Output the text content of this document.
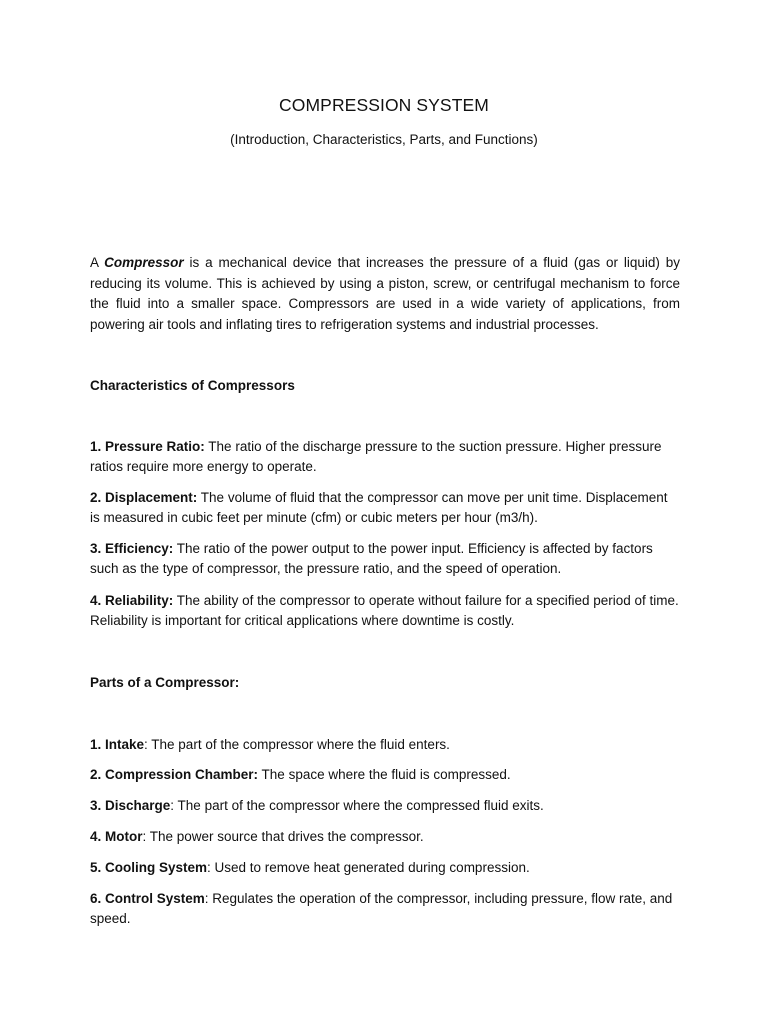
COMPRESSION SYSTEM
(Introduction, Characteristics, Parts, and Functions)
A Compressor is a mechanical device that increases the pressure of a fluid (gas or liquid) by reducing its volume. This is achieved by using a piston, screw, or centrifugal mechanism to force the fluid into a smaller space. Compressors are used in a wide variety of applications, from powering air tools and inflating tires to refrigeration systems and industrial processes.
Characteristics of Compressors
1. Pressure Ratio: The ratio of the discharge pressure to the suction pressure. Higher pressure ratios require more energy to operate.
2. Displacement: The volume of fluid that the compressor can move per unit time. Displacement is measured in cubic feet per minute (cfm) or cubic meters per hour (m3/h).
3. Efficiency: The ratio of the power output to the power input. Efficiency is affected by factors such as the type of compressor, the pressure ratio, and the speed of operation.
4. Reliability: The ability of the compressor to operate without failure for a specified period of time. Reliability is important for critical applications where downtime is costly.
Parts of a Compressor:
1. Intake: The part of the compressor where the fluid enters.
2. Compression Chamber: The space where the fluid is compressed.
3. Discharge: The part of the compressor where the compressed fluid exits.
4. Motor: The power source that drives the compressor.
5. Cooling System: Used to remove heat generated during compression.
6. Control System: Regulates the operation of the compressor, including pressure, flow rate, and speed.
